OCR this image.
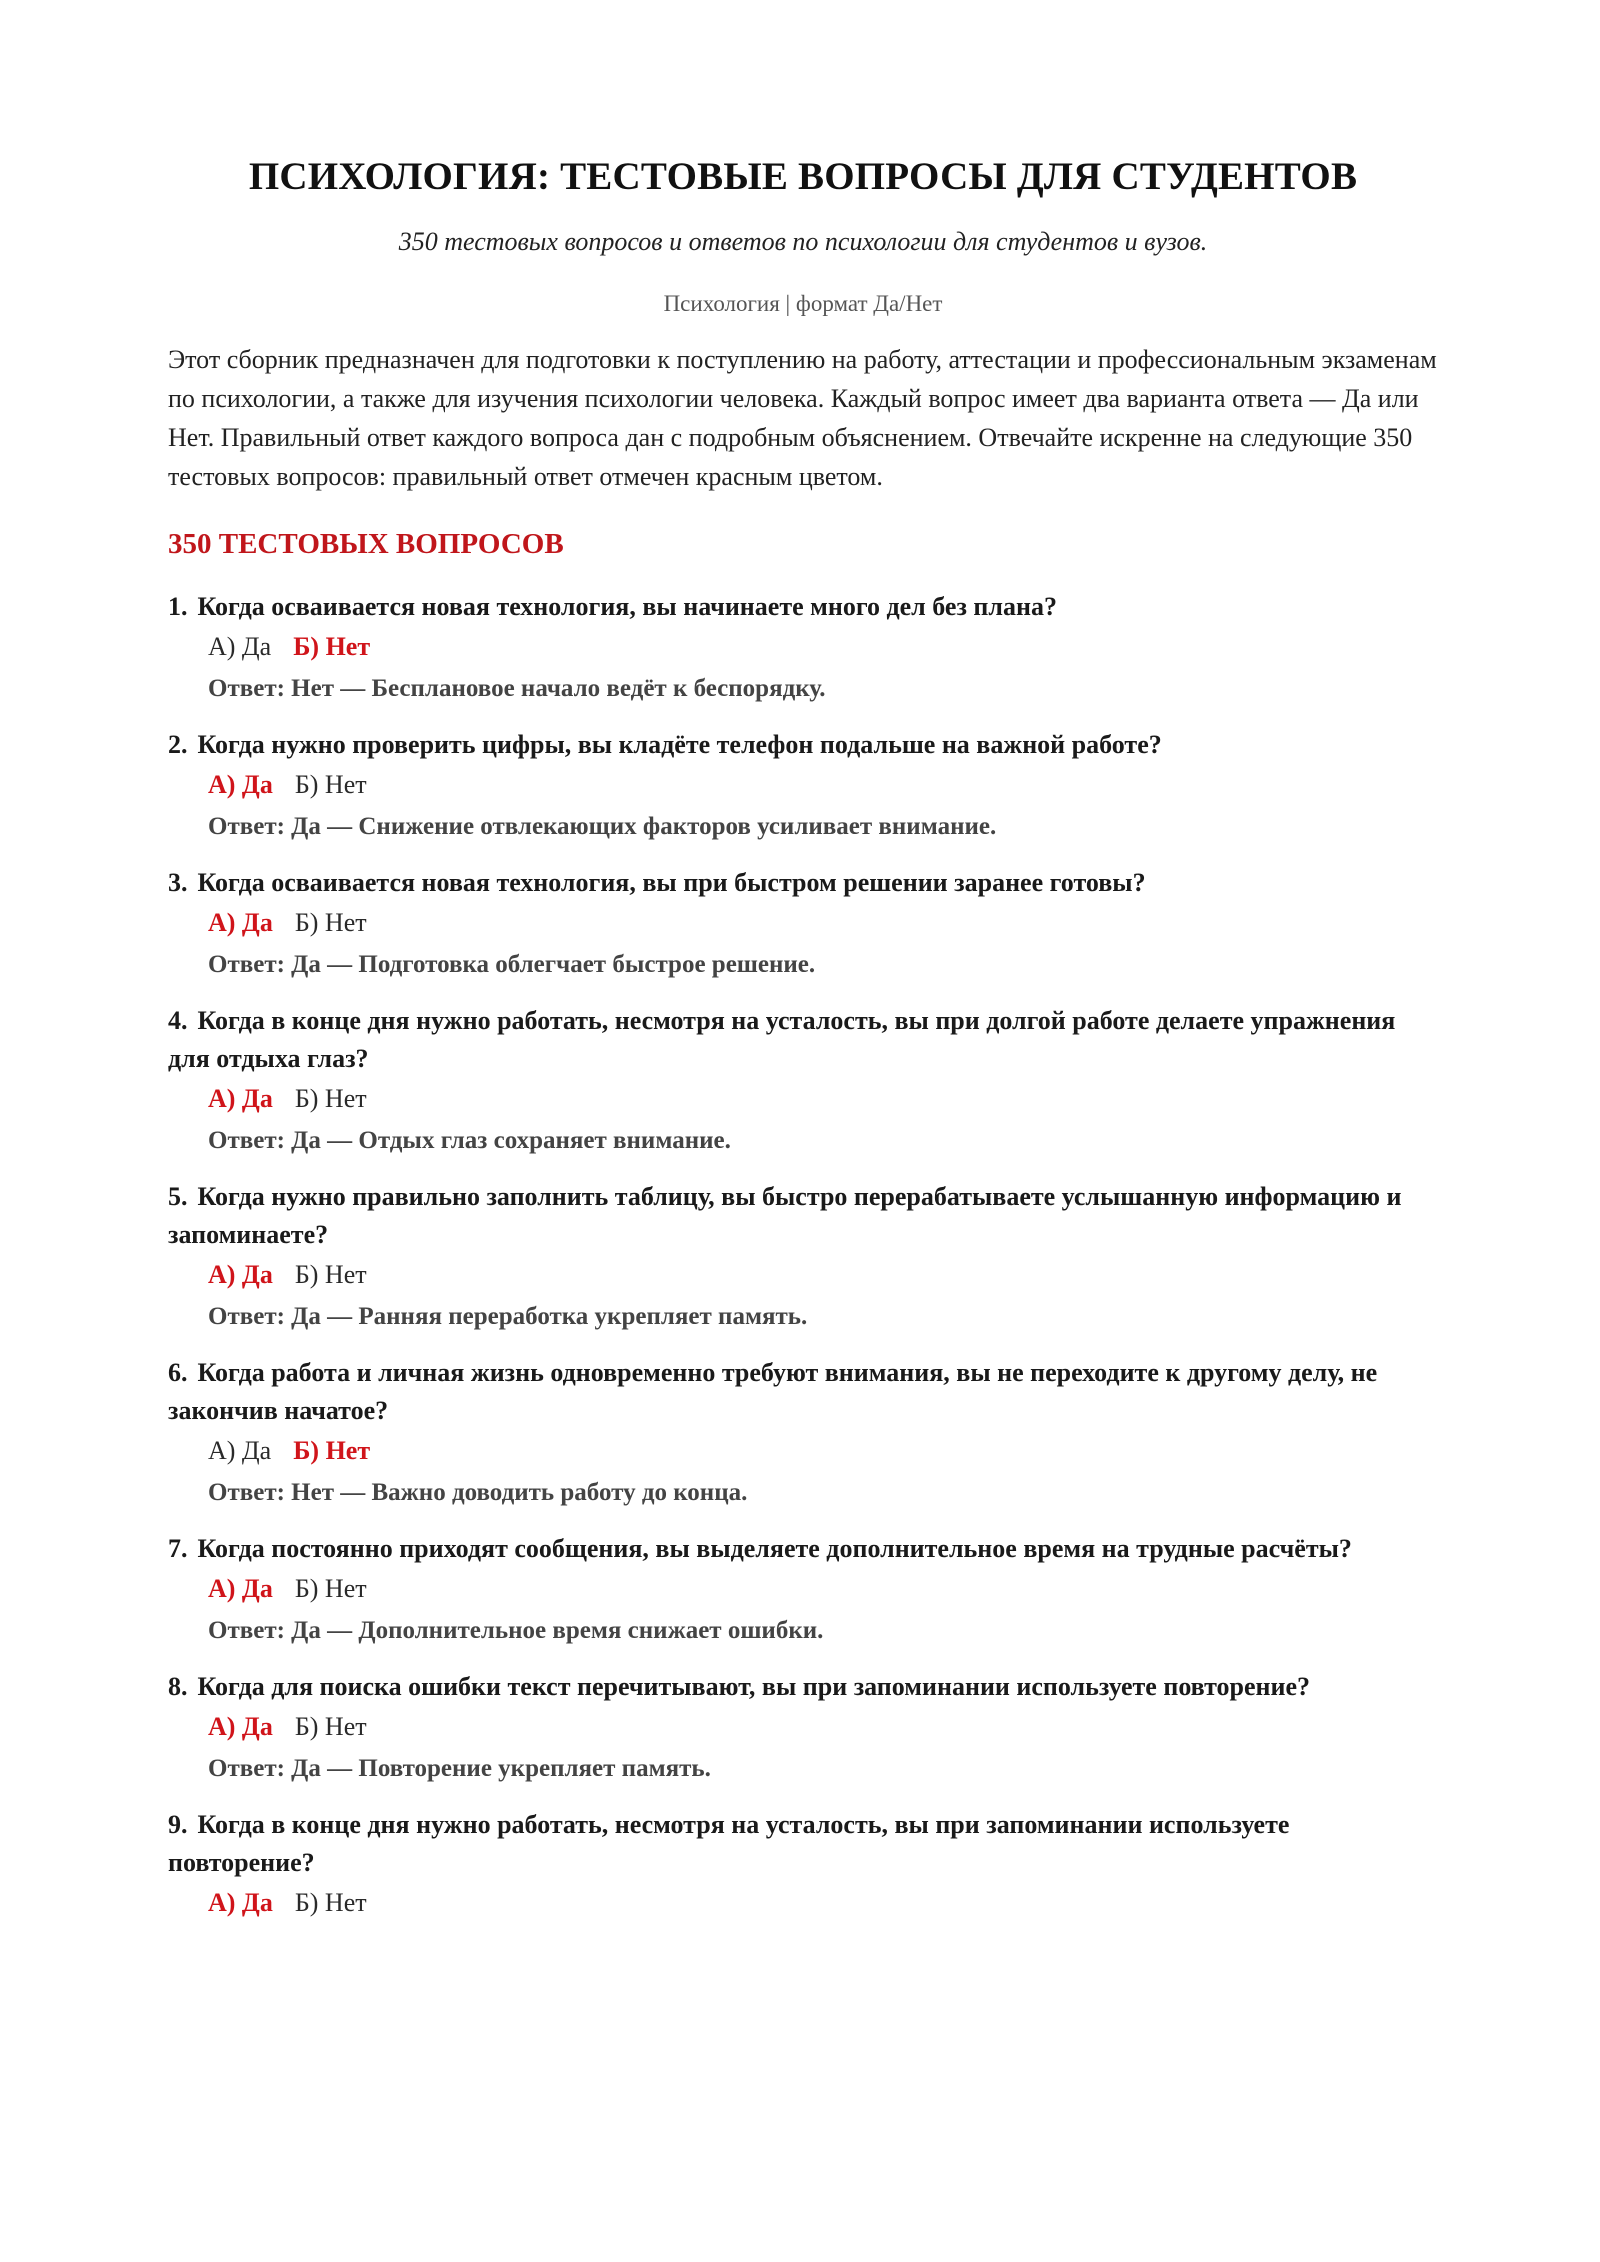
ПСИХОЛОГИЯ: ТЕСТОВЫЕ ВОПРОСЫ ДЛЯ СТУДЕНТОВ
350 тестовых вопросов и ответов по психологии для студентов и вузов.
Психология | формат Да/Нет

Этот сборник предназначен для подготовки к поступлению на работу, аттестации и профессиональным экзаменам по психологии, а также для изучения психологии человека. Каждый вопрос имеет два варианта ответа — Да или Нет. Правильный ответ каждого вопроса дан с подробным объяснением. Отвечайте искренне на следующие 350 тестовых вопросов: правильный ответ отмечен красным цветом.

350 ТЕСТОВЫХ ВОПРОСОВ
1. Когда осваивается новая технология, вы начинаете много дел без плана?
А) Да Б) Нет
Ответ: Нет — Бесплановое начало ведёт к беспорядку.
2. Когда нужно проверить цифры, вы кладёте телефон подальше на важной работе?
А) Да Б) Нет
Ответ: Да — Снижение отвлекающих факторов усиливает внимание.
3. Когда осваивается новая технология, вы при быстром решении заранее готовы?
А) Да Б) Нет
Ответ: Да — Подготовка облегчает быстрое решение.
4. Когда в конце дня нужно работать, несмотря на усталость, вы при долгой работе делаете упражнения для отдыха глаз?
А) Да Б) Нет
Ответ: Да — Отдых глаз сохраняет внимание.
5. Когда нужно правильно заполнить таблицу, вы быстро перерабатываете услышанную информацию и запоминаете?
А) Да Б) Нет
Ответ: Да — Ранняя переработка укрепляет память.
6. Когда работа и личная жизнь одновременно требуют внимания, вы не переходите к другому делу, не закончив начатое?
А) Да Б) Нет
Ответ: Нет — Важно доводить работу до конца.
7. Когда постоянно приходят сообщения, вы выделяете дополнительное время на трудные расчёты?
А) Да Б) Нет
Ответ: Да — Дополнительное время снижает ошибки.
8. Когда для поиска ошибки текст перечитывают, вы при запоминании используете повторение?
А) Да Б) Нет
Ответ: Да — Повторение укрепляет память.
9. Когда в конце дня нужно работать, несмотря на усталость, вы при запоминании используете повторение?
А) Да Б) Нет
